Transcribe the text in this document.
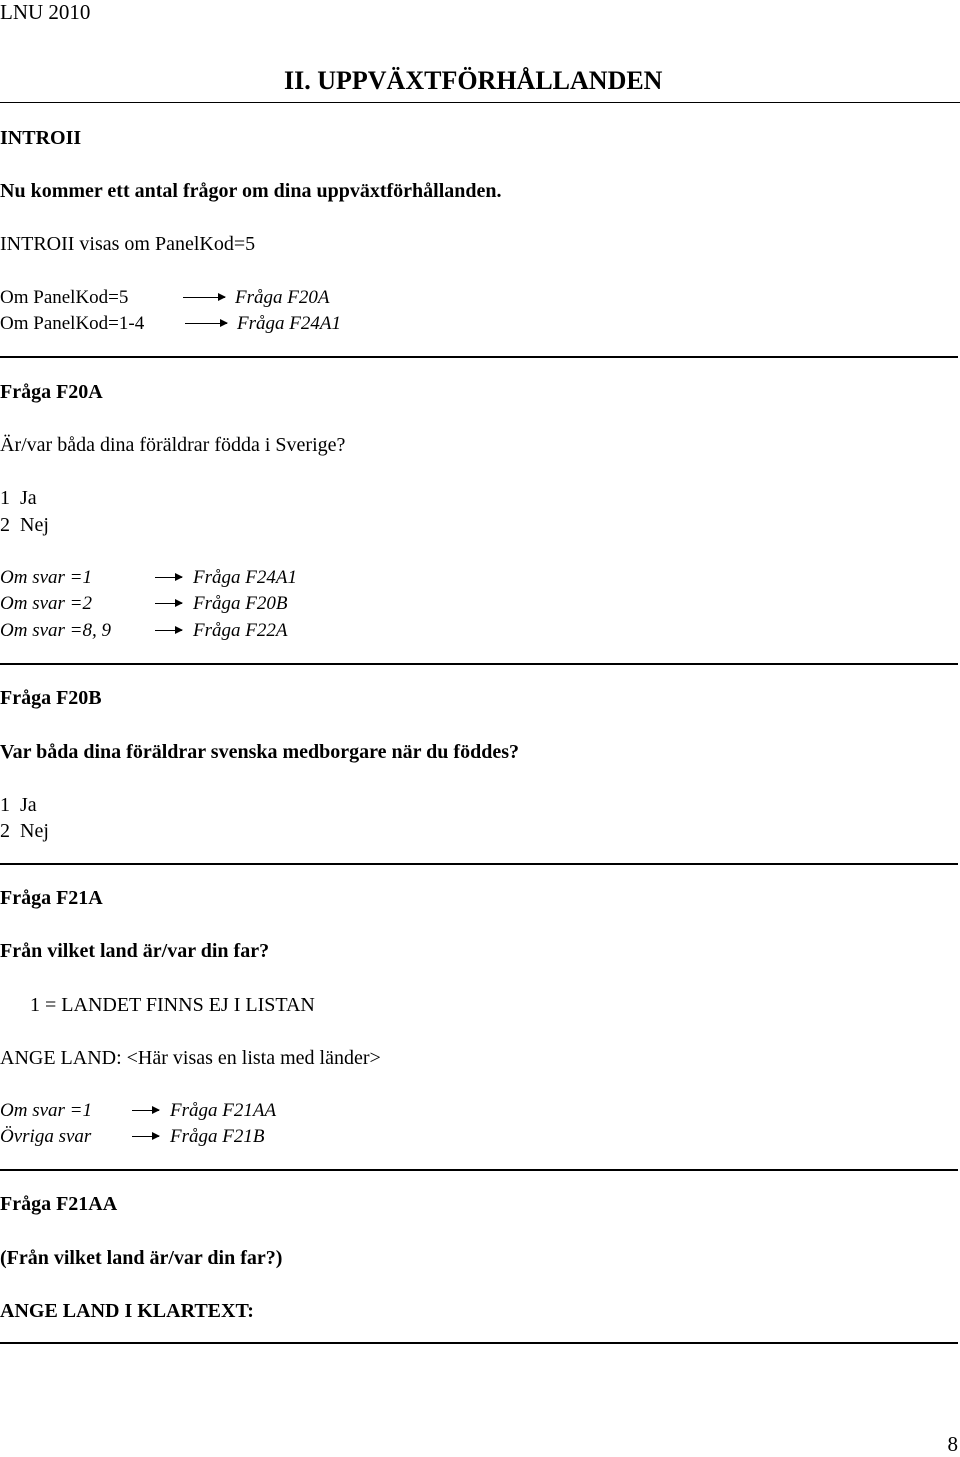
LNU 2010
II. UPPVÄXTFÖRHÅLLANDEN
INTROII
Nu kommer ett antal frågor om dina uppväxtförhållanden.
INTROII visas om PanelKod=5
Om PanelKod=5	Fråga F20A
Om PanelKod=1-4	Fråga F24A1
Fråga F20A
Är/var båda dina föräldrar födda i Sverige?
1  Ja
2  Nej
Om svar =1	Fråga F24A1
Om svar =2	Fråga F20B
Om svar =8, 9	Fråga F22A
Fråga F20B
Var båda dina föräldrar svenska medborgare när du föddes?
1  Ja
2  Nej
Fråga F21A
Från vilket land är/var din far?
1 = LANDET FINNS EJ I LISTAN
ANGE LAND: <Här visas en lista med länder>
Om svar =1	Fråga F21AA
Övriga svar	Fråga F21B
Fråga F21AA
(Från vilket land är/var din far?)
ANGE LAND I KLARTEXT:
8
